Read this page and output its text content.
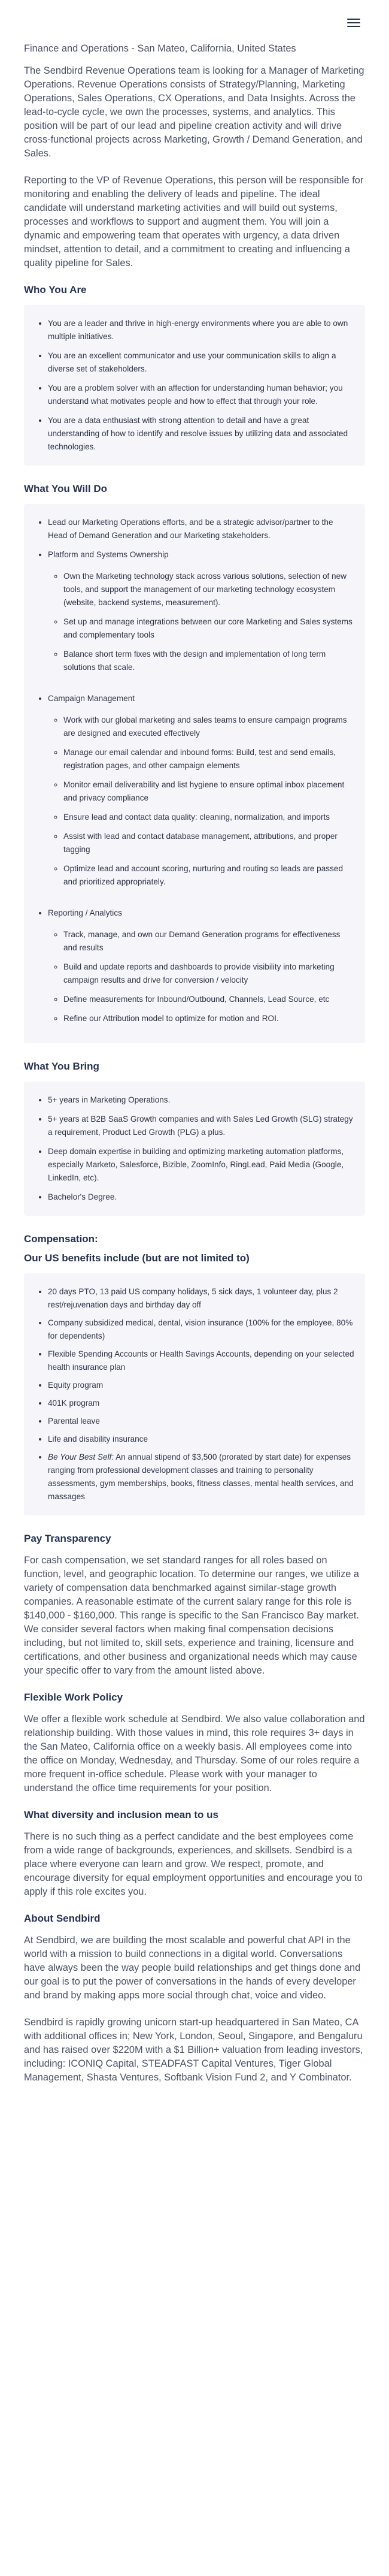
Finance and Operations - San Mateo, California, United States

The Sendbird Revenue Operations team is looking for a Manager of Marketing Operations. Revenue Operations consists of Strategy/Planning, Marketing Operations, Sales Operations, CX Operations, and Data Insights. Across the lead-to-cycle cycle, we own the processes, systems, and analytics. This position will be part of our lead and pipeline creation activity and will drive cross-functional projects across Marketing, Growth / Demand Generation, and Sales.

Reporting to the VP of Revenue Operations, this person will be responsible for monitoring and enabling the delivery of leads and pipeline. The ideal candidate will understand marketing activities and will build out systems, processes and workflows to support and augment them. You will join a dynamic and empowering team that operates with urgency, a data driven mindset, attention to detail, and a commitment to creating and influencing a quality pipeline for Sales.

Who You Are
• You are a leader and thrive in high-energy environments where you are able to own multiple initiatives.
• You are an excellent communicator and use your communication skills to align a diverse set of stakeholders.
• You are a problem solver with an affection for understanding human behavior; you understand what motivates people and how to effect that through your role.
• You are a data enthusiast with strong attention to detail and have a great understanding of how to identify and resolve issues by utilizing data and associated technologies.
What You Will Do
• Lead our Marketing Operations efforts, and be a strategic advisor/partner to the Head of Demand Generation and our Marketing stakeholders.
• Platform and Systems Ownership
◦ Own the Marketing technology stack across various solutions, selection of new tools, and support the management of our marketing technology ecosystem (website, backend systems, measurement).
◦ Set up and manage integrations between our core Marketing and Sales systems and complementary tools
◦ Balance short term fixes with the design and implementation of long term solutions that scale.
• Campaign Management
◦ Work with our global marketing and sales teams to ensure campaign programs are designed and executed effectively
◦ Manage our email calendar and inbound forms: Build, test and send emails, registration pages, and other campaign elements
◦ Monitor email deliverability and list hygiene to ensure optimal inbox placement and privacy compliance
◦ Ensure lead and contact data quality: cleaning, normalization, and imports
◦ Assist with lead and contact database management, attributions, and proper tagging
◦ Optimize lead and account scoring, nurturing and routing so leads are passed and prioritized appropriately.
• Reporting / Analytics
◦ Track, manage, and own our Demand Generation programs for effectiveness and results
◦ Build and update reports and dashboards to provide visibility into marketing campaign results and drive for conversion / velocity
◦ Define measurements for Inbound/Outbound, Channels, Lead Source, etc
◦ Refine our Attribution model to optimize for motion and ROI.
What You Bring
• 5+ years in Marketing Operations.
• 5+ years at B2B SaaS Growth companies and with Sales Led Growth (SLG) strategy a requirement, Product Led Growth (PLG) a plus.
• Deep domain expertise in building and optimizing marketing automation platforms, especially Marketo, Salesforce, Bizible, ZoomInfo, RingLead, Paid Media (Google, LinkedIn, etc).
• Bachelor's Degree.
Compensation:
Our US benefits include (but are not limited to)
• 20 days PTO, 13 paid US company holidays, 5 sick days, 1 volunteer day, plus 2 rest/rejuvenation days and birthday day off
• Company subsidized medical, dental, vision insurance (100% for the employee, 80% for dependents)
• Flexible Spending Accounts or Health Savings Accounts, depending on your selected health insurance plan
• Equity program
• 401K program
• Parental leave
• Life and disability insurance
• Be Your Best Self: An annual stipend of $3,500 (prorated by start date) for expenses ranging from professional development classes and training to personality assessments, gym memberships, books, fitness classes, mental health services, and massages
Pay Transparency

For cash compensation, we set standard ranges for all roles based on function, level, and geographic location. To determine our ranges, we utilize a variety of compensation data benchmarked against similar-stage growth companies. A reasonable estimate of the current salary range for this role is $140,000 - $160,000. This range is specific to the San Francisco Bay market. We consider several factors when making final compensation decisions including, but not limited to, skill sets, experience and training, licensure and certifications, and other business and organizational needs which may cause your specific offer to vary from the amount listed above.

Flexible Work Policy

We offer a flexible work schedule at Sendbird. We also value collaboration and relationship building. With those values in mind, this role requires 3+ days in the San Mateo, California office on a weekly basis. All employees come into the office on Monday, Wednesday, and Thursday. Some of our roles require a more frequent in-office schedule. Please work with your manager to understand the office time requirements for your position.

What diversity and inclusion mean to us

There is no such thing as a perfect candidate and the best employees come from a wide range of backgrounds, experiences, and skillsets. Sendbird is a place where everyone can learn and grow. We respect, promote, and encourage diversity for equal employment opportunities and encourage you to apply if this role excites you.

About Sendbird

At Sendbird, we are building the most scalable and powerful chat API in the world with a mission to build connections in a digital world. Conversations have always been the way people build relationships and get things done and our goal is to put the power of conversations in the hands of every developer and brand by making apps more social through chat, voice and video.

Sendbird is rapidly growing unicorn start-up headquartered in San Mateo, CA with additional offices in; New York, London, Seoul, Singapore, and Bengaluru and has raised over $220M with a $1 Billion+ valuation from leading investors, including: ICONIQ Capital, STEADFAST Capital Ventures, Tiger Global Management, Shasta Ventures, Softbank Vision Fund 2, and Y Combinator.
